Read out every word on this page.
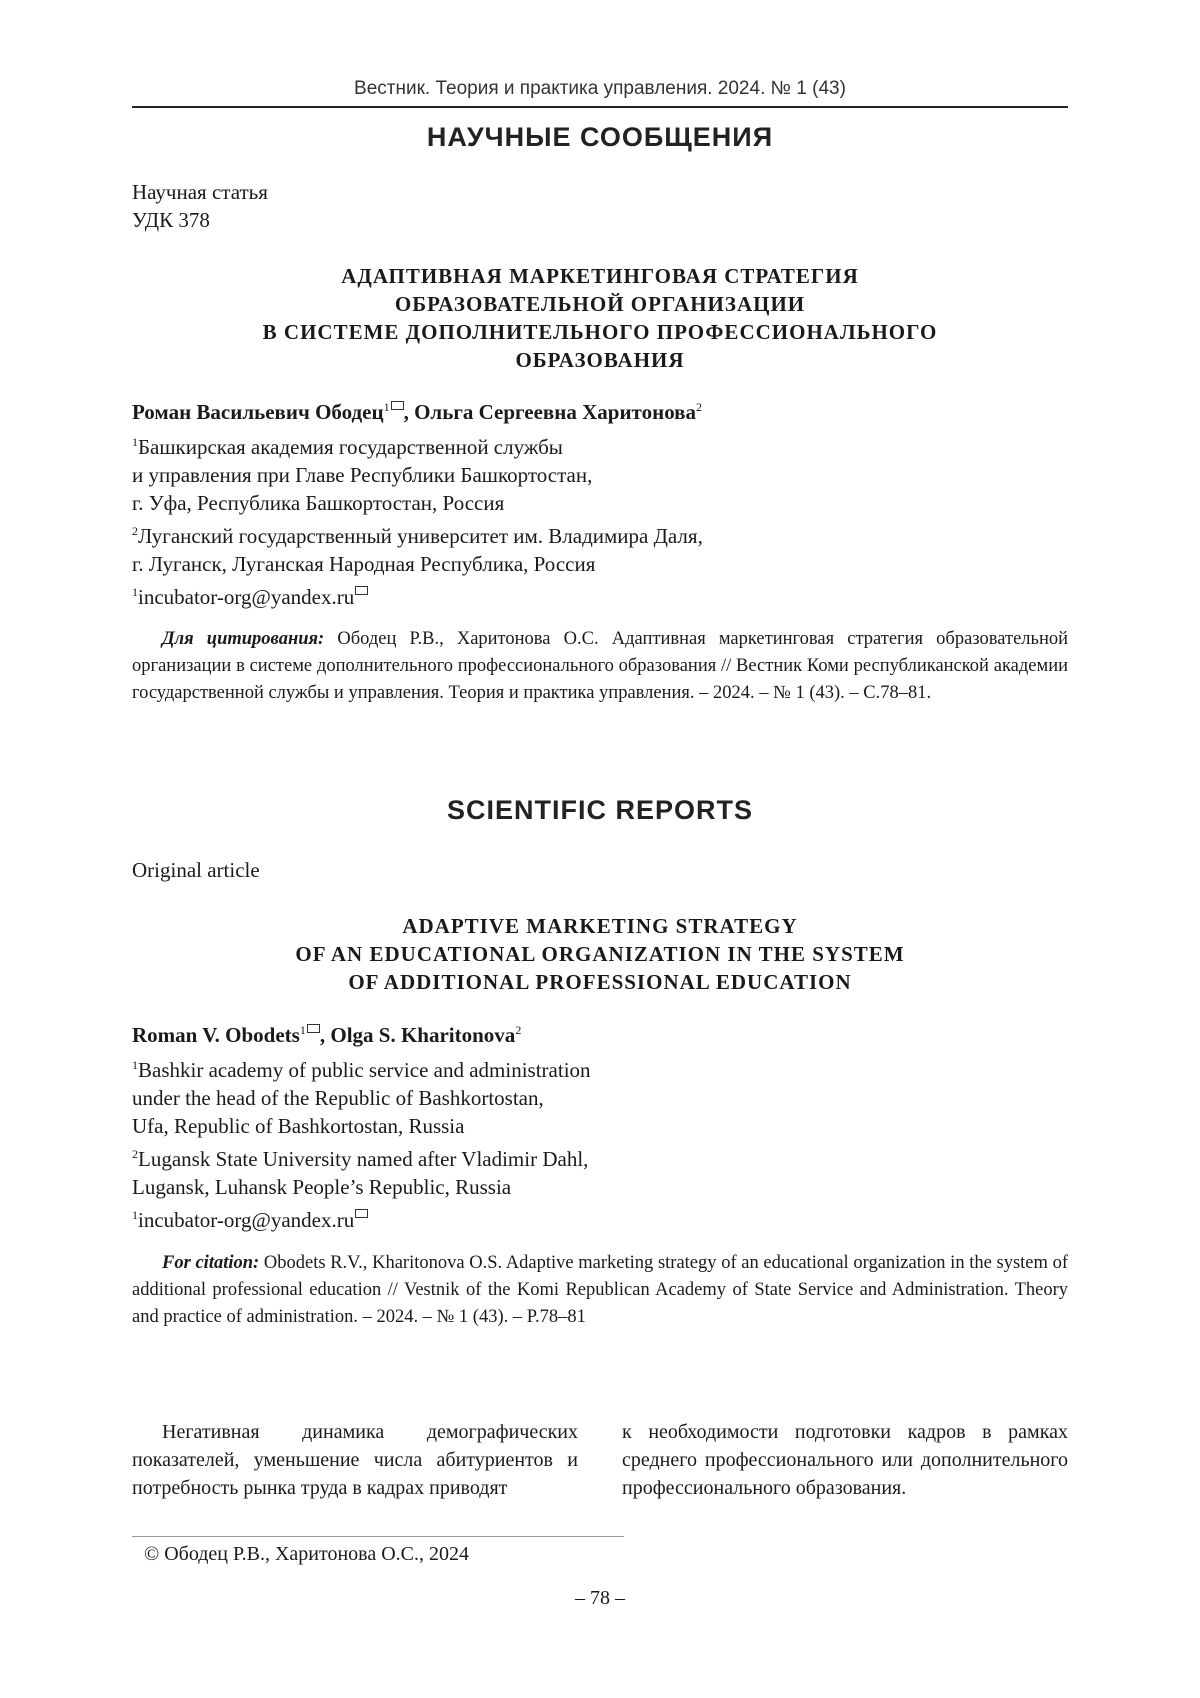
Вестник. Теория и практика управления. 2024. № 1 (43)
НАУЧНЫЕ СООБЩЕНИЯ
Научная статья
УДК 378
АДАПТИВНАЯ МАРКЕТИНГОВАЯ СТРАТЕГИЯ
ОБРАЗОВАТЕЛЬНОЙ ОРГАНИЗАЦИИ
В СИСТЕМЕ ДОПОЛНИТЕЛЬНОГО ПРОФЕССИОНАЛЬНОГО
ОБРАЗОВАНИЯ
Роман Васильевич Ободец1 , Ольга Сергеевна Харитонова2
1Башкирская академия государственной службы
и управления при Главе Республики Башкортостан,
г. Уфа, Республика Башкортостан, Россия
2Луганский государственный университет им. Владимира Даля,
г. Луганск, Луганская Народная Республика, Россия
1incubator-org@yandex.ru
Для цитирования: Ободец Р.В., Харитонова О.С. Адаптивная маркетинговая стратегия образовательной организации в системе дополнительного профессионального образования // Вестник Коми республиканской академии государственной службы и управления. Теория и практика управления. – 2024. – № 1 (43). – С.78–81.
SCIENTIFIC REPORTS
Original article
ADAPTIVE MARKETING STRATEGY
OF AN EDUCATIONAL ORGANIZATION IN THE SYSTEM
OF ADDITIONAL PROFESSIONAL EDUCATION
Roman V. Obodets1 , Olga S. Kharitonova2
1Bashkir academy of public service and administration
under the head of the Republic of Bashkortostan,
Ufa, Republic of Bashkortostan, Russia
2Lugansk State University named after Vladimir Dahl,
Lugansk, Luhansk People’s Republic, Russia
1incubator-org@yandex.ru
For citation: Obodets R.V., Kharitonova O.S. Adaptive marketing strategy of an educational organization in the system of additional professional education // Vestnik of the Komi Republican Academy of State Service and Administration. Theory and practice of administration. – 2024. – № 1 (43). – P.78–81
Негативная динамика демографических показателей, уменьшение числа абитуриентов и потребность рынка труда в кадрах приводят
к необходимости подготовки кадров в рамках среднего профессионального или дополнительного профессионального образования.
© Ободец Р.В., Харитонова О.С., 2024
– 78 –
